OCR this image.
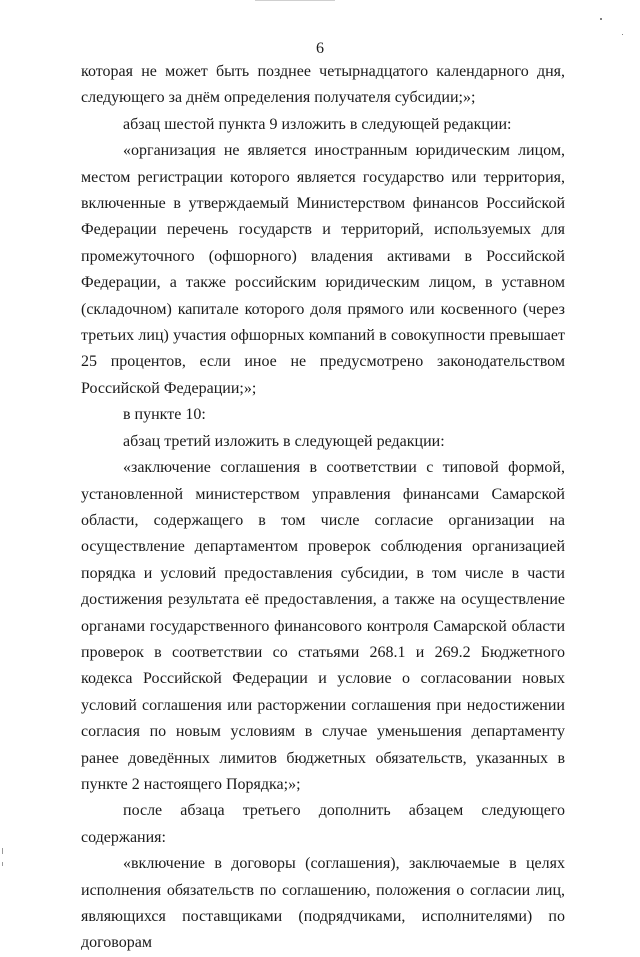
6

которая не может быть позднее четырнадцатого календарного дня, следующего за днём определения получателя субсидии;»;

абзац шестой пункта 9 изложить в следующей редакции:

«организация не является иностранным юридическим лицом, местом регистрации которого является государство или территория, включенные в утверждаемый Министерством финансов Российской Федерации перечень государств и территорий, используемых для промежуточного (офшорного) владения активами в Российской Федерации, а также российским юридическим лицом, в уставном (складочном) капитале которого доля прямого или косвенного (через третьих лиц) участия офшорных компаний в совокупности превышает 25 процентов, если иное не предусмотрено законодательством Российской Федерации;»;

в пункте 10:

абзац третий изложить в следующей редакции:

«заключение соглашения в соответствии с типовой формой, установленной министерством управления финансами Самарской области, содержащего в том числе согласие организации на осуществление департаментом проверок соблюдения организацией порядка и условий предоставления субсидии, в том числе в части достижения результата её предоставления, а также на осуществление органами государственного финансового контроля Самарской области проверок в соответствии со статьями 268.1 и 269.2 Бюджетного кодекса Российской Федерации и условие о согласовании новых условий соглашения или расторжении соглашения при недостижении согласия по новым условиям в случае уменьшения департаменту ранее доведённых лимитов бюджетных обязательств, указанных в пункте 2 настоящего Порядка;»;

после абзаца третьего дополнить абзацем следующего содержания:

«включение в договоры (соглашения), заключаемые в целях исполнения обязательств по соглашению, положения о согласии лиц, являющихся поставщиками (подрядчиками, исполнителями) по договорам
